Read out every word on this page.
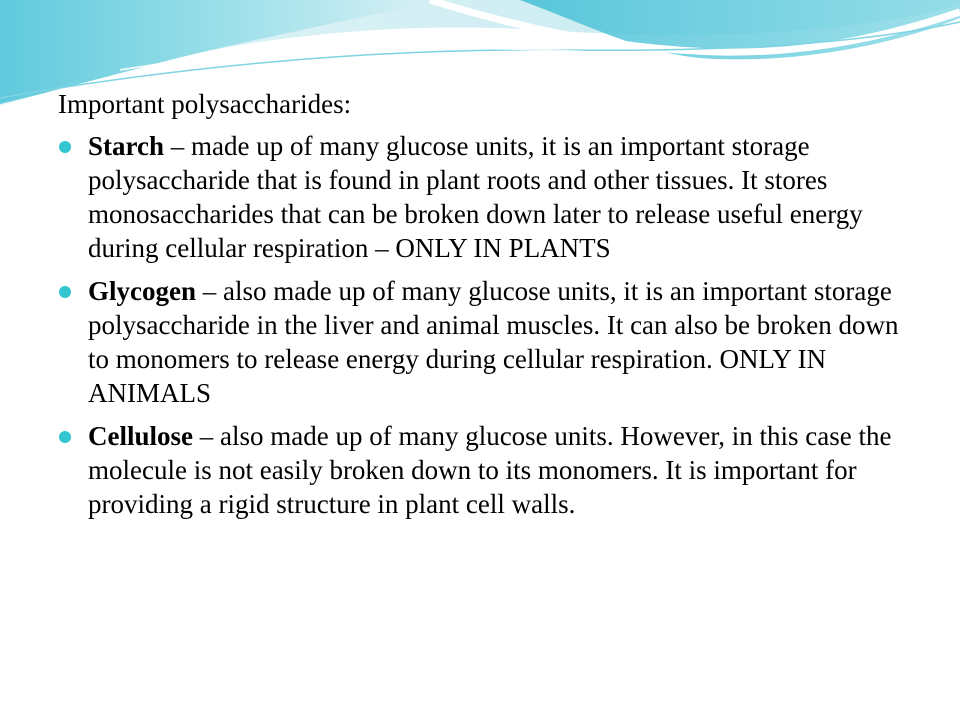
Important polysaccharides:

Starch – made up of many glucose units, it is an important storage polysaccharide that is found in plant roots and other tissues. It stores monosaccharides that can be broken down later to release useful energy during cellular respiration – ONLY IN PLANTS
Glycogen – also made up of many glucose units, it is an important storage polysaccharide in the liver and animal muscles. It can also be broken down to monomers to release energy during cellular respiration. ONLY IN ANIMALS
Cellulose – also made up of many glucose units. However, in this case the molecule is not easily broken down to its monomers. It is important for providing a rigid structure in plant cell walls.
